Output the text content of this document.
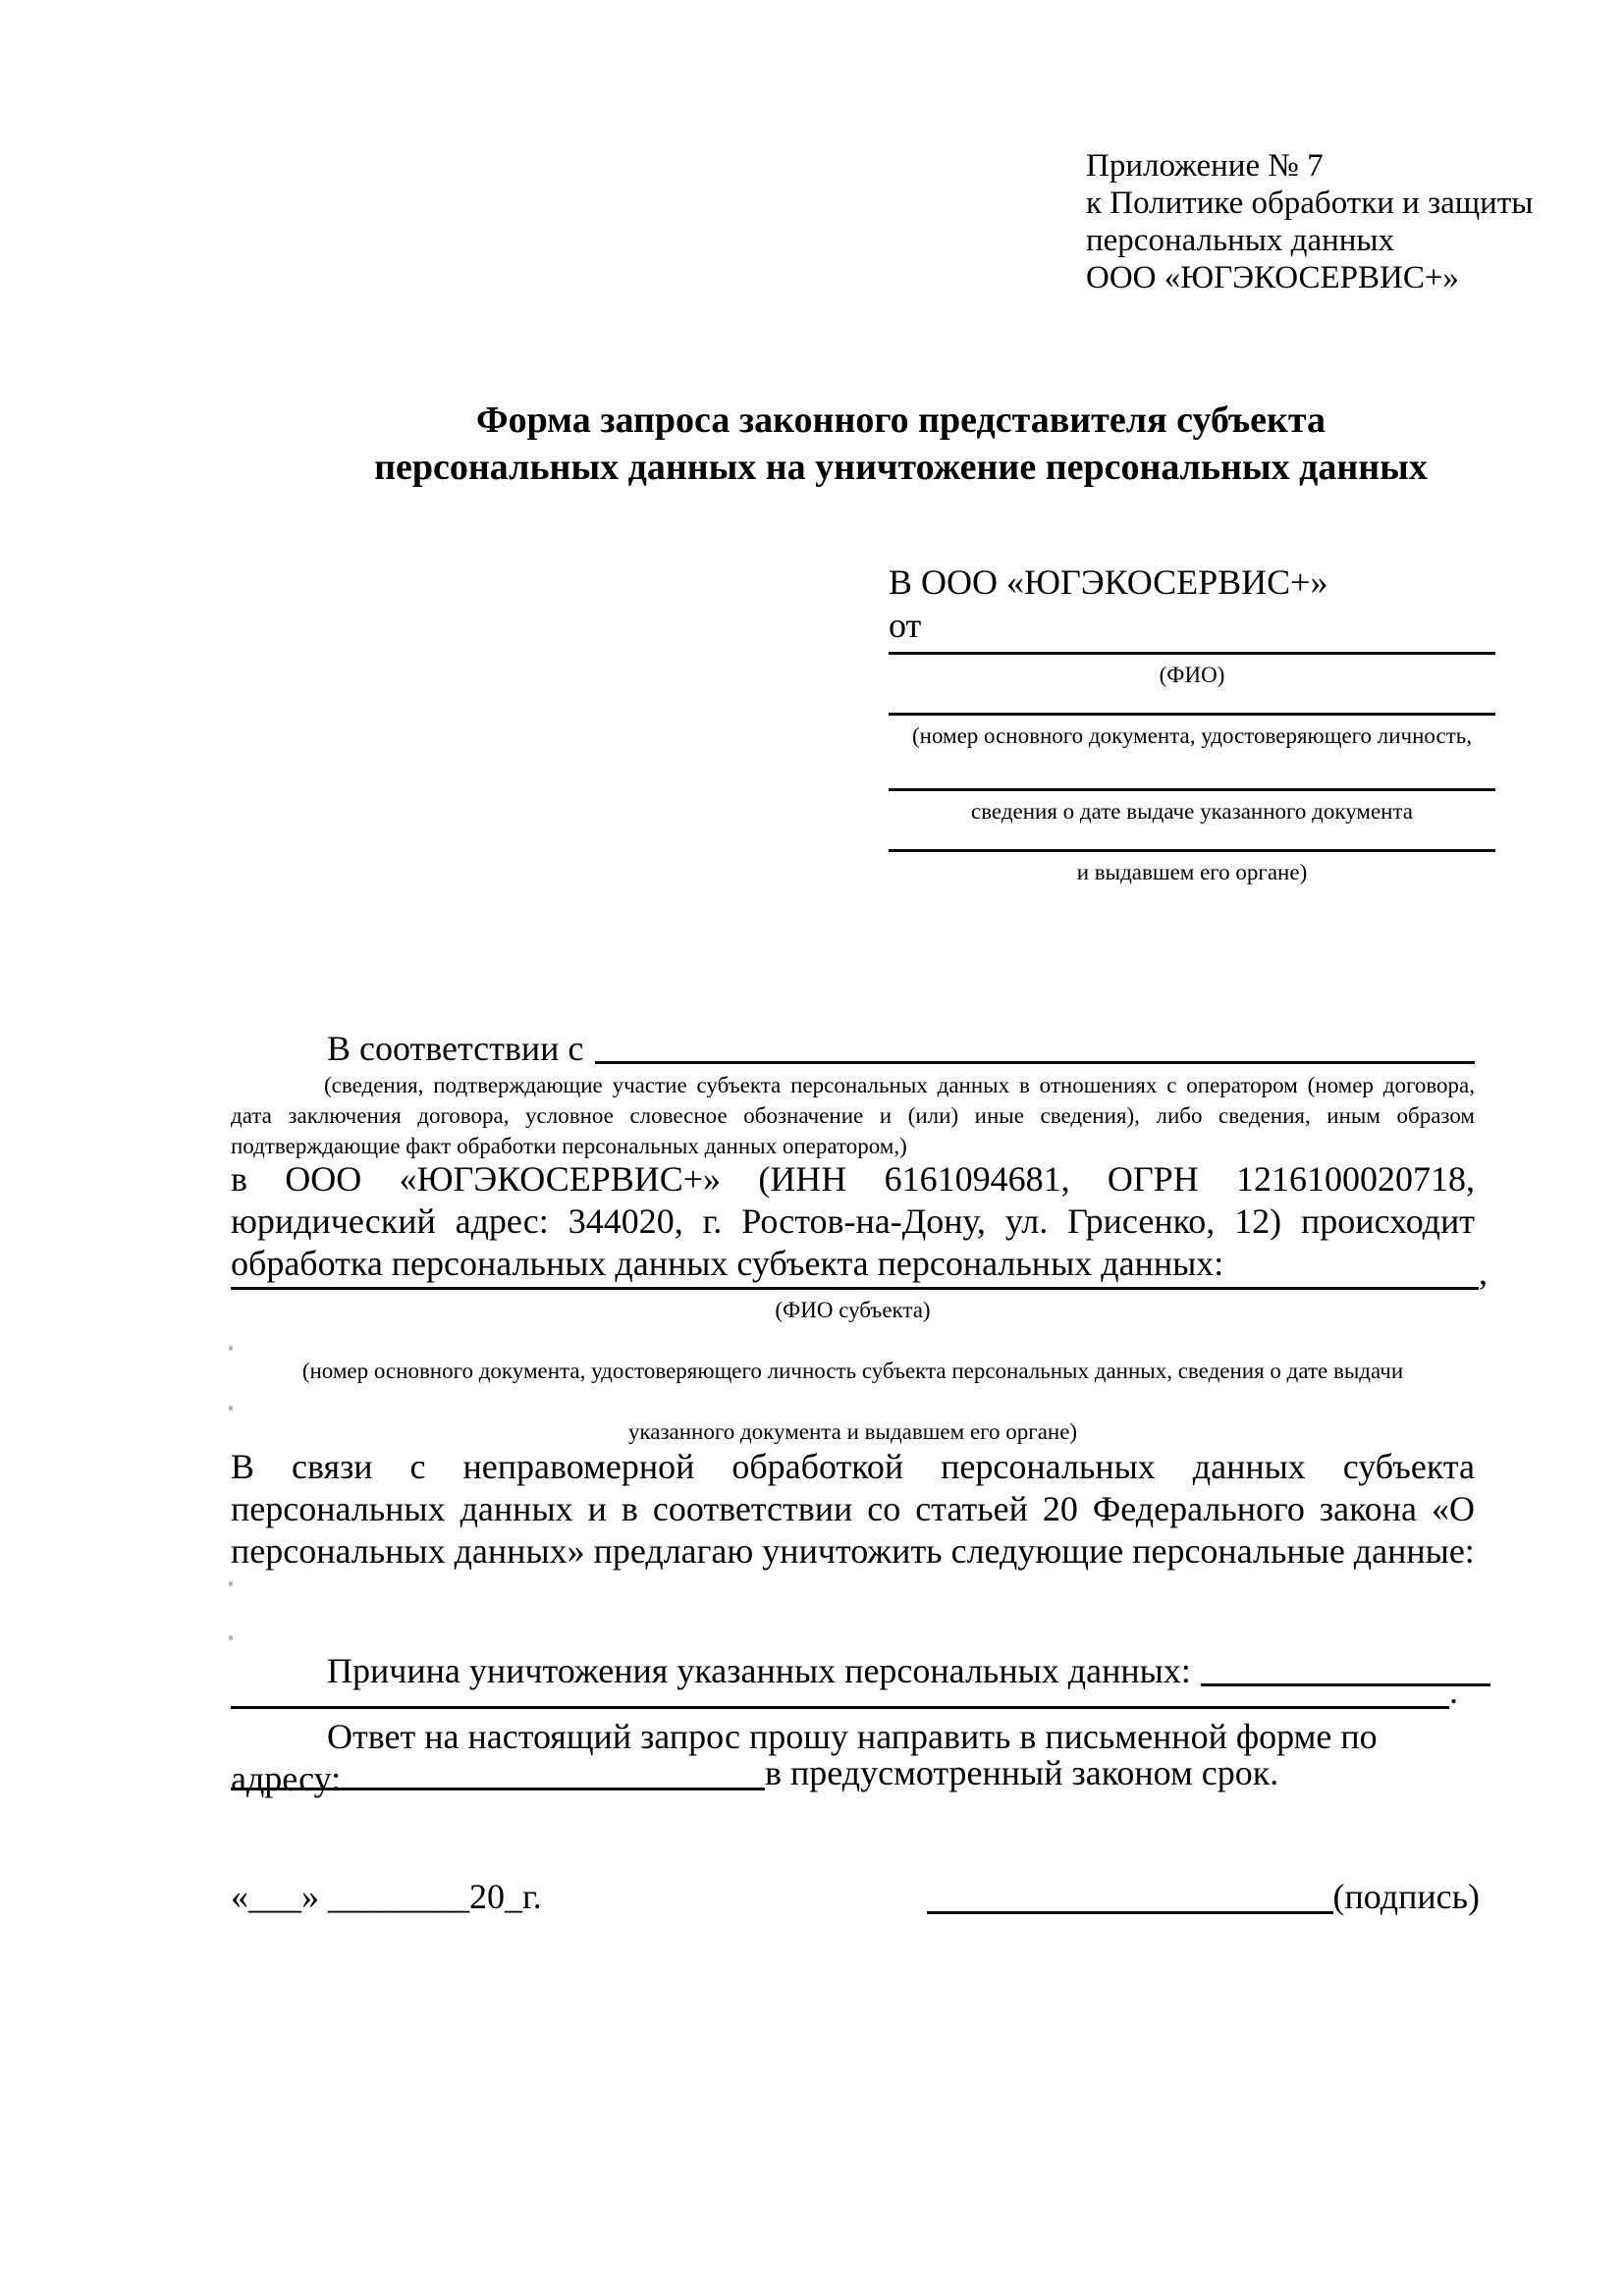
Приложение № 7
к Политике обработки и защиты
персональных данных
ООО «ЮГЭКОСЕРВИС+»
Форма запроса законного представителя субъекта
персональных данных на уничтожение персональных данных
В ООО «ЮГЭКОСЕРВИС+»
от
(ФИО)
(номер основного документа, удостоверяющего личность,
сведения о дате выдаче указанного документа
и выдавшем его органе)
В соответствии с
(сведения, подтверждающие участие субъекта персональных данных в отношениях с оператором (номер договора, дата заключения договора, условное словесное обозначение и (или) иные сведения), либо сведения, иным образом подтверждающие факт обработки персональных данных оператором,)
в ООО «ЮГЭКОСЕРВИС+» (ИНН 6161094681, ОГРН 1216100020718, юридический адрес: 344020, г. Ростов-на-Дону, ул. Грисенко, 12) происходит обработка персональных данных субъекта персональных данных:	,
(ФИО субъекта)
(номер основного документа, удостоверяющего личность субъекта персональных данных, сведения о дате выдачи
указанного документа и выдавшем его органе)
В связи с неправомерной обработкой персональных данных субъекта персональных данных и в соответствии со статьей 20 Федерального закона «О персональных данных» предлагаю уничтожить следующие персональные данные:
Причина уничтожения указанных персональных данных:
.
Ответ на настоящий запрос прошу направить в письменной форме по адресу:	в предусмотренный законом срок.
«___» ________20_г.	(подпись)
